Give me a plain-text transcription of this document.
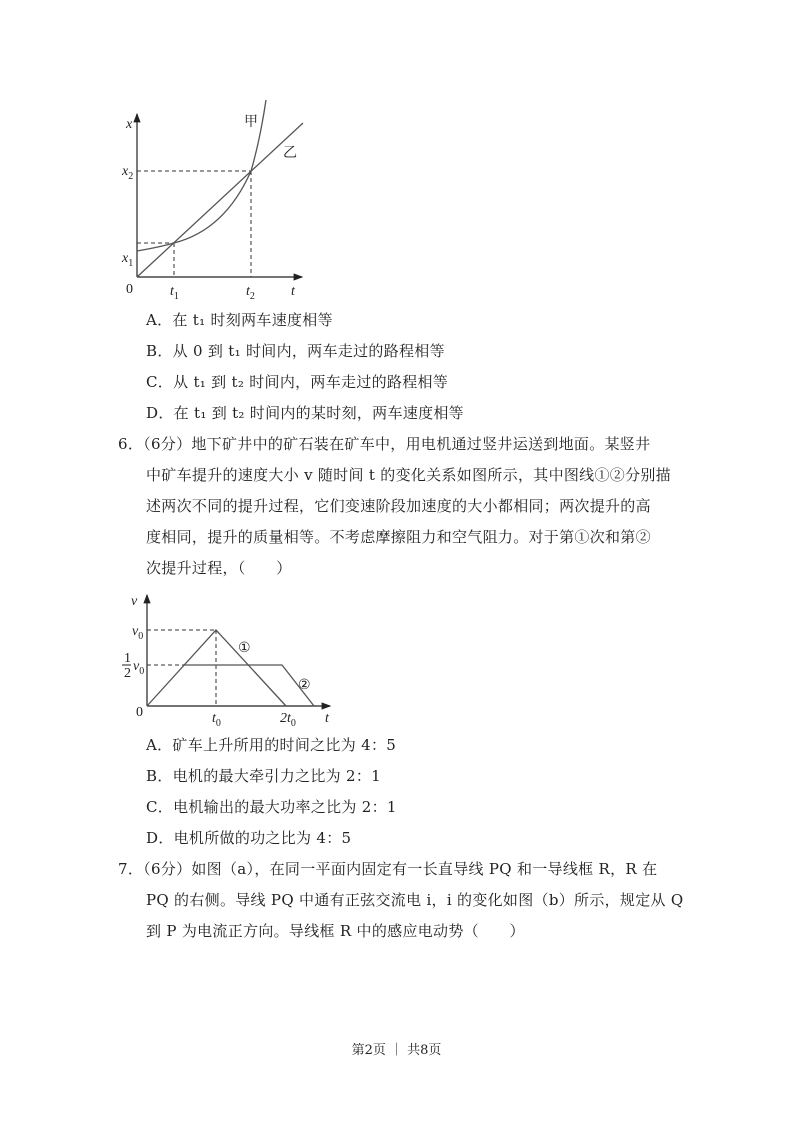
x
t
0
$x_1$
$x_2$
$t_1$	$t_2$
甲
乙
v
t
0
$v_0$
1
2 $v_0$
$t_0$	$2t_0$
①
②
A．在 t₁ 时刻两车速度相等
B．从 0 到 t₁ 时间内，两车走过的路程相等
C．从 t₁ 到 t₂ 时间内，两车走过的路程相等
D．在 t₁ 到 t₂ 时间内的某时刻，两车速度相等
6．（6分）地下矿井中的矿石装在矿车中，用电机通过竖井运送到地面。某竖井
中矿车提升的速度大小 v 随时间 t 的变化关系如图所示，其中图线①②分别描
述两次不同的提升过程，它们变速阶段加速度的大小都相同；两次提升的高
度相同，提升的质量相等。不考虑摩擦阻力和空气阻力。对于第①次和第②
次提升过程，（　　）
A．矿车上升所用的时间之比为 4：5
B．电机的最大牵引力之比为 2：1
C．电机输出的最大功率之比为 2：1
D．电机所做的功之比为 4：5
7．（6分）如图（a），在同一平面内固定有一长直导线 PQ 和一导线框 R，R 在
PQ 的右侧。导线 PQ 中通有正弦交流电 i，i 的变化如图（b）所示，规定从 Q
到 P 为电流正方向。导线框 R 中的感应电动势（　　）
第2页 ｜ 共8页
